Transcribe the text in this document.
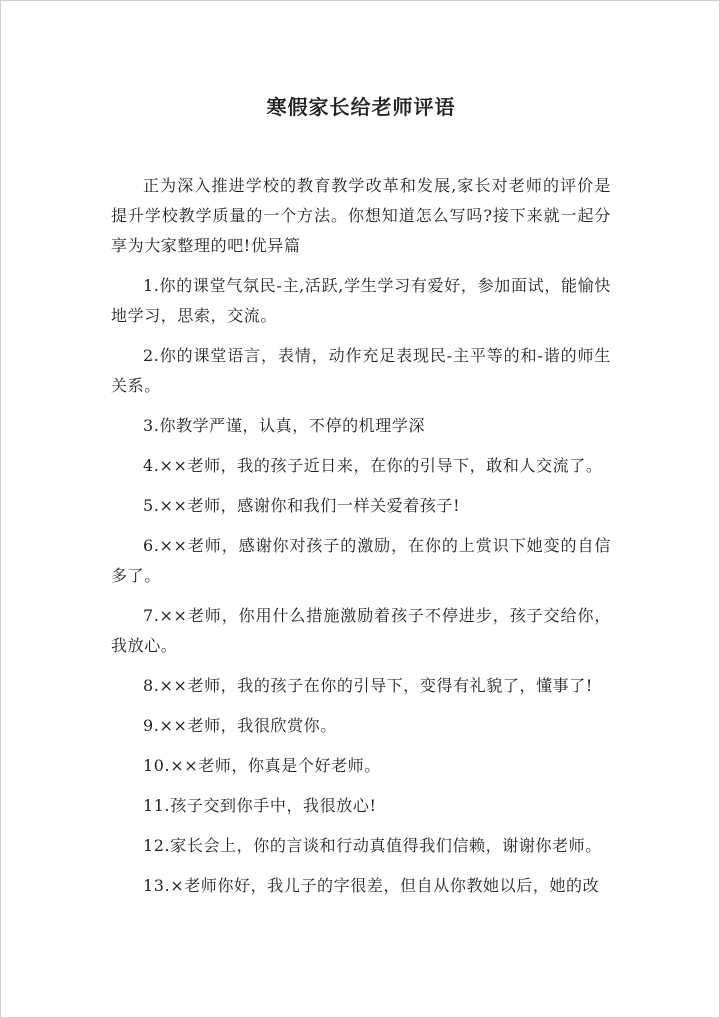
寒假家长给老师评语

正为深入推进学校的教育教学改革和发展,家长对老师的评价是提升学校教学质量的一个方法。你想知道怎么写吗?接下来就一起分享为大家整理的吧!优异篇

1.你的课堂气氛民-主,活跃,学生学习有爱好，参加面试，能愉快地学习，思索，交流。

2.你的课堂语言，表情，动作充足表现民-主平等的和-谐的师生关系。

3.你教学严谨，认真，不停的机理学深

4.××老师，我的孩子近日来，在你的引导下，敢和人交流了。

5.××老师，感谢你和我们一样关爱着孩子!

6.××老师，感谢你对孩子的激励，在你的上赏识下她变的自信多了。

7.××老师，你用什么措施激励着孩子不停进步，孩子交给你，我放心。

8.××老师，我的孩子在你的引导下，变得有礼貌了，懂事了!

9.××老师，我很欣赏你。

10.××老师，你真是个好老师。

11.孩子交到你手中，我很放心!

12.家长会上，你的言谈和行动真值得我们信赖，谢谢你老师。

13.×老师你好，我儿子的字很差，但自从你教她以后，她的改
